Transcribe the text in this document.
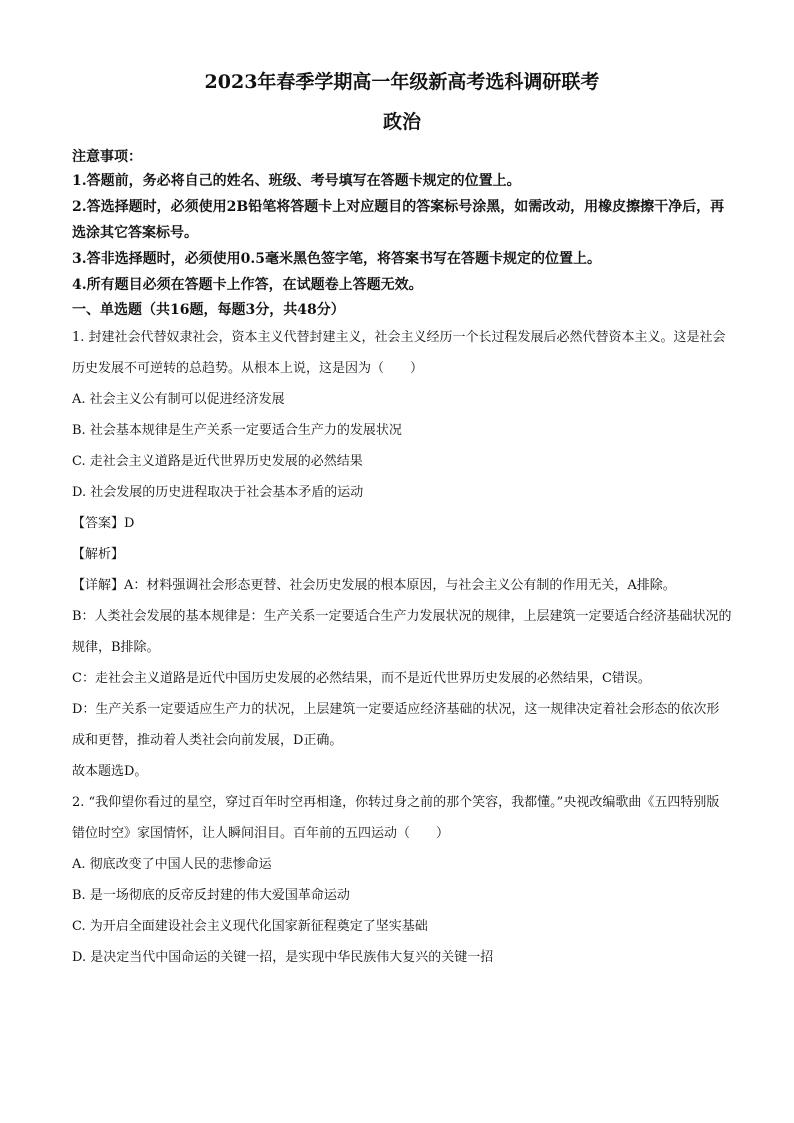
2023年春季学期高一年级新高考选科调研联考
政治
注意事项：
1.答题前，务必将自己的姓名、班级、考号填写在答题卡规定的位置上。
2.答选择题时，必须使用2B铅笔将答题卡上对应题目的答案标号涂黑，如需改动，用橡皮擦擦干净后，再选涂其它答案标号。
3.答非选择题时，必须使用0.5毫米黑色签字笔，将答案书写在答题卡规定的位置上。
4.所有题目必须在答题卡上作答，在试题卷上答题无效。
一、单选题（共16题，每题3分，共48分）
1. 封建社会代替奴隶社会，资本主义代替封建主义，社会主义经历一个长过程发展后必然代替资本主义。这是社会历史发展不可逆转的总趋势。从根本上说，这是因为（　　）
A. 社会主义公有制可以促进经济发展
B. 社会基本规律是生产关系一定要适合生产力的发展状况
C. 走社会主义道路是近代世界历史发展的必然结果
D. 社会发展的历史进程取决于社会基本矛盾的运动
【答案】D
【解析】
【详解】A：材料强调社会形态更替、社会历史发展的根本原因，与社会主义公有制的作用无关，A排除。
B：人类社会发展的基本规律是：生产关系一定要适合生产力发展状况的规律，上层建筑一定要适合经济基础状况的规律，B排除。
C：走社会主义道路是近代中国历史发展的必然结果，而不是近代世界历史发展的必然结果，C错误。
D：生产关系一定要适应生产力的状况，上层建筑一定要适应经济基础的状况，这一规律决定着社会形态的依次形成和更替，推动着人类社会向前发展，D正确。
故本题选D。
2. “我仰望你看过的星空，穿过百年时空再相逢，你转过身之前的那个笑容，我都懂。”央视改编歌曲《五四特别版错位时空》家国情怀，让人瞬间泪目。百年前的五四运动（　　）
A. 彻底改变了中国人民的悲惨命运
B. 是一场彻底的反帝反封建的伟大爱国革命运动
C. 为开启全面建设社会主义现代化国家新征程奠定了坚实基础
D. 是决定当代中国命运的关键一招，是实现中华民族伟大复兴的关键一招
